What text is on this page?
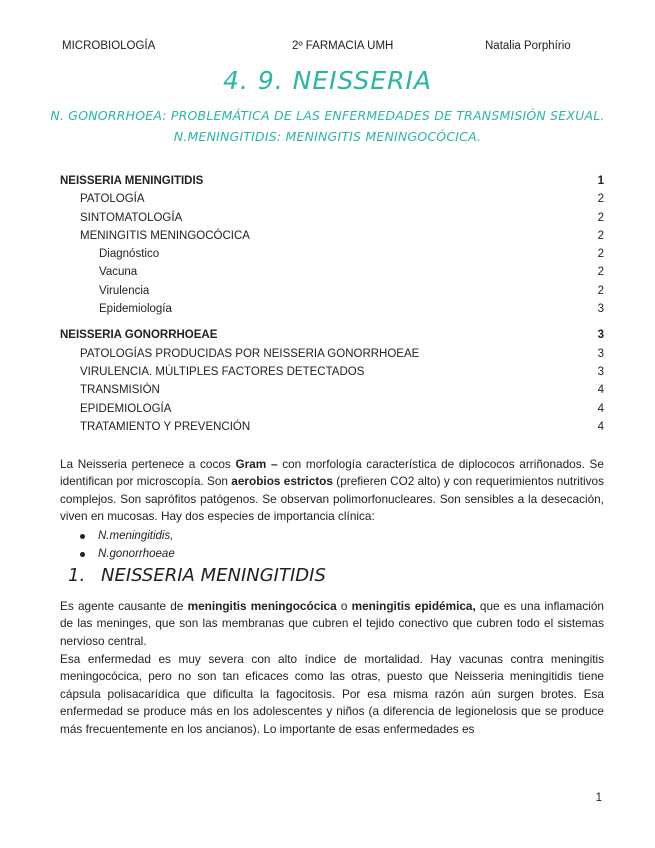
MICROBIOLOGÍA	2º FARMACIA UMH	Natalia Porphírio
4. 9. NEISSERIA
N. GONORRHOEA: PROBLEMÁTICA DE LAS ENFERMEDADES DE TRANSMISIÓN SEXUAL.
N.MENINGITIDIS: MENINGITIS MENINGOCÓCICA.
NEISSERIA MENINGITIDIS	1
PATOLOGÍA	2
SINTOMATOLOGÍA	2
MENINGITIS MENINGOCÓCICA	2
Diagnóstico	2
Vacuna	2
Virulencia	2
Epidemiología	3
NEISSERIA GONORRHOEAE	3
PATOLOGÍAS PRODUCIDAS POR NEISSERIA GONORRHOEAE	3
VIRULENCIA. MÚLTIPLES FACTORES DETECTADOS	3
TRANSMISIÓN	4
EPIDEMIOLOGÍA	4
TRATAMIENTO Y PREVENCIÓN	4

La Neisseria pertenece a cocos Gram – con morfología característica de diplococos arriñonados. Se identifican por microscopía. Son aerobios estrictos (prefieren CO2 alto) y con requerimientos nutritivos complejos. Son saprófitos patógenos. Se observan polimorfonucleares. Son sensibles a la desecación, viven en mucosas. Hay dos especies de importancia clínica:

N.meningitidis,
N.gonorrhoeae
1. NEISSERIA MENINGITIDIS

Es agente causante de meningitis meningocócica o meningitis epidémica, que es una inflamación de las meninges, que son las membranas que cubren el tejido conectivo que cubren todo el sistemas nervioso central.

Esa enfermedad es muy severa con alto índice de mortalidad. Hay vacunas contra meningitis meningocócica, pero no son tan eficaces como las otras, puesto que Neisseria meningitidis tiene cápsula polisacarídica que dificulta la fagocitosis. Por esa misma razón aún surgen brotes. Esa enfermedad se produce más en los adolescentes y niños (a diferencia de legionelosis que se produce más frecuentemente en los ancianos). Lo importante de esas enfermedades es

1
